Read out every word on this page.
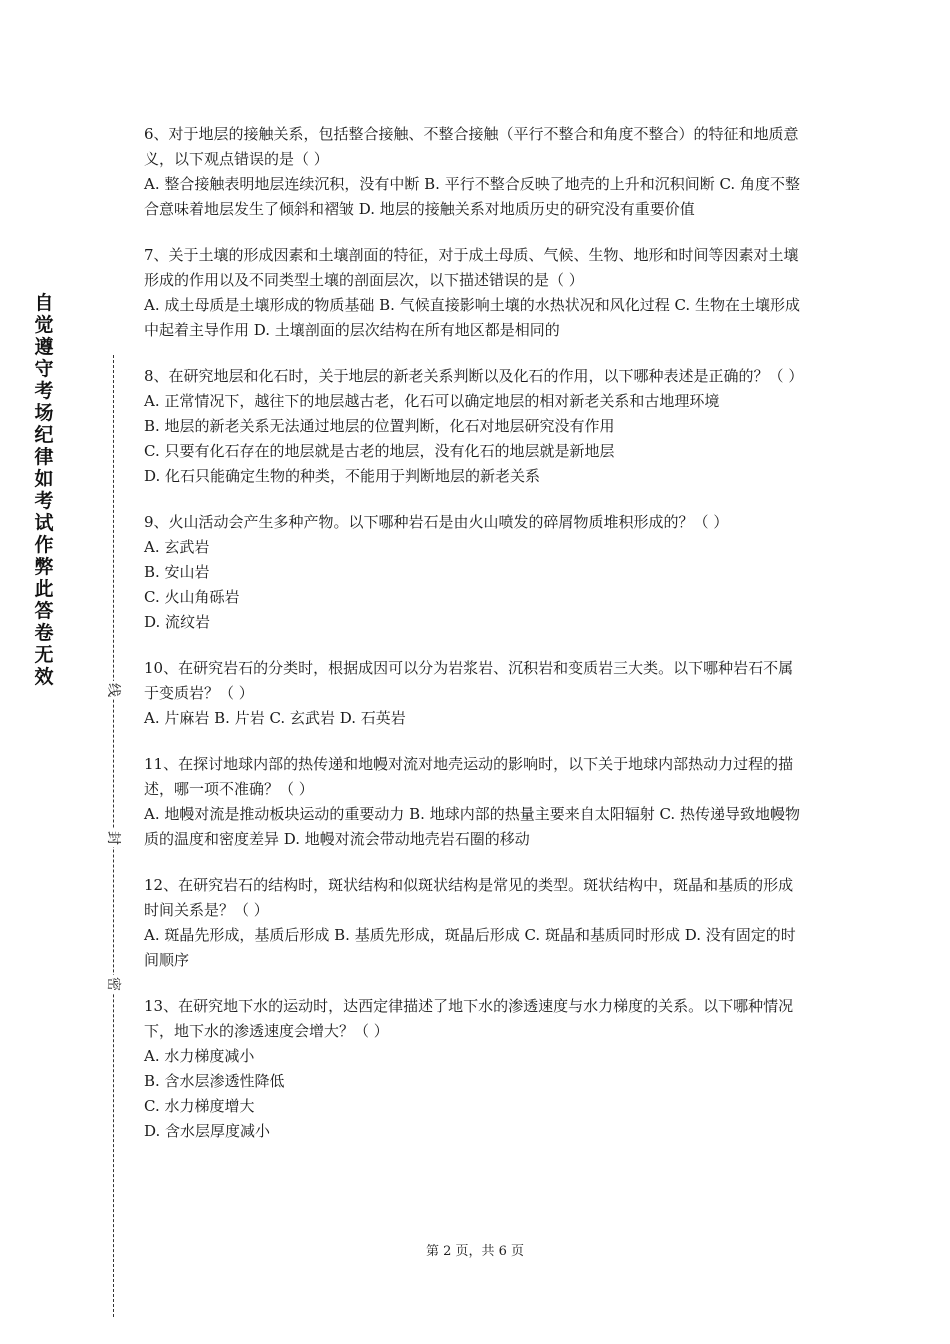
自觉遵守考场纪律如考试作弊此答卷无效
线
封
密

6、对于地层的接触关系，包括整合接触、不整合接触（平行不整合和角度不整合）的特征和地质意义，以下观点错误的是（ ）

A. 整合接触表明地层连续沉积，没有中断 B. 平行不整合反映了地壳的上升和沉积间断 C. 角度不整合意味着地层发生了倾斜和褶皱 D. 地层的接触关系对地质历史的研究没有重要价值

7、关于土壤的形成因素和土壤剖面的特征，对于成土母质、气候、生物、地形和时间等因素对土壤形成的作用以及不同类型土壤的剖面层次，以下描述错误的是（ ）

A. 成土母质是土壤形成的物质基础 B. 气候直接影响土壤的水热状况和风化过程 C. 生物在土壤形成中起着主导作用 D. 土壤剖面的层次结构在所有地区都是相同的

8、在研究地层和化石时，关于地层的新老关系判断以及化石的作用，以下哪种表述是正确的？（ ）

A. 正常情况下，越往下的地层越古老，化石可以确定地层的相对新老关系和古地理环境

B. 地层的新老关系无法通过地层的位置判断，化石对地层研究没有作用

C. 只要有化石存在的地层就是古老的地层，没有化石的地层就是新地层

D. 化石只能确定生物的种类，不能用于判断地层的新老关系

9、火山活动会产生多种产物。以下哪种岩石是由火山喷发的碎屑物质堆积形成的？（ ）

A. 玄武岩

B. 安山岩

C. 火山角砾岩

D. 流纹岩

10、在研究岩石的分类时，根据成因可以分为岩浆岩、沉积岩和变质岩三大类。以下哪种岩石不属于变质岩？（ ）

A. 片麻岩 B. 片岩 C. 玄武岩 D. 石英岩

11、在探讨地球内部的热传递和地幔对流对地壳运动的影响时，以下关于地球内部热动力过程的描述，哪一项不准确？（ ）

A. 地幔对流是推动板块运动的重要动力 B. 地球内部的热量主要来自太阳辐射 C. 热传递导致地幔物质的温度和密度差异 D. 地幔对流会带动地壳岩石圈的移动

12、在研究岩石的结构时，斑状结构和似斑状结构是常见的类型。斑状结构中，斑晶和基质的形成时间关系是？（ ）

A. 斑晶先形成，基质后形成 B. 基质先形成，斑晶后形成 C. 斑晶和基质同时形成 D. 没有固定的时间顺序

13、在研究地下水的运动时，达西定律描述了地下水的渗透速度与水力梯度的关系。以下哪种情况下，地下水的渗透速度会增大？（ ）

A. 水力梯度减小

B. 含水层渗透性降低

C. 水力梯度增大

D. 含水层厚度减小

第 2 页，共 6 页
